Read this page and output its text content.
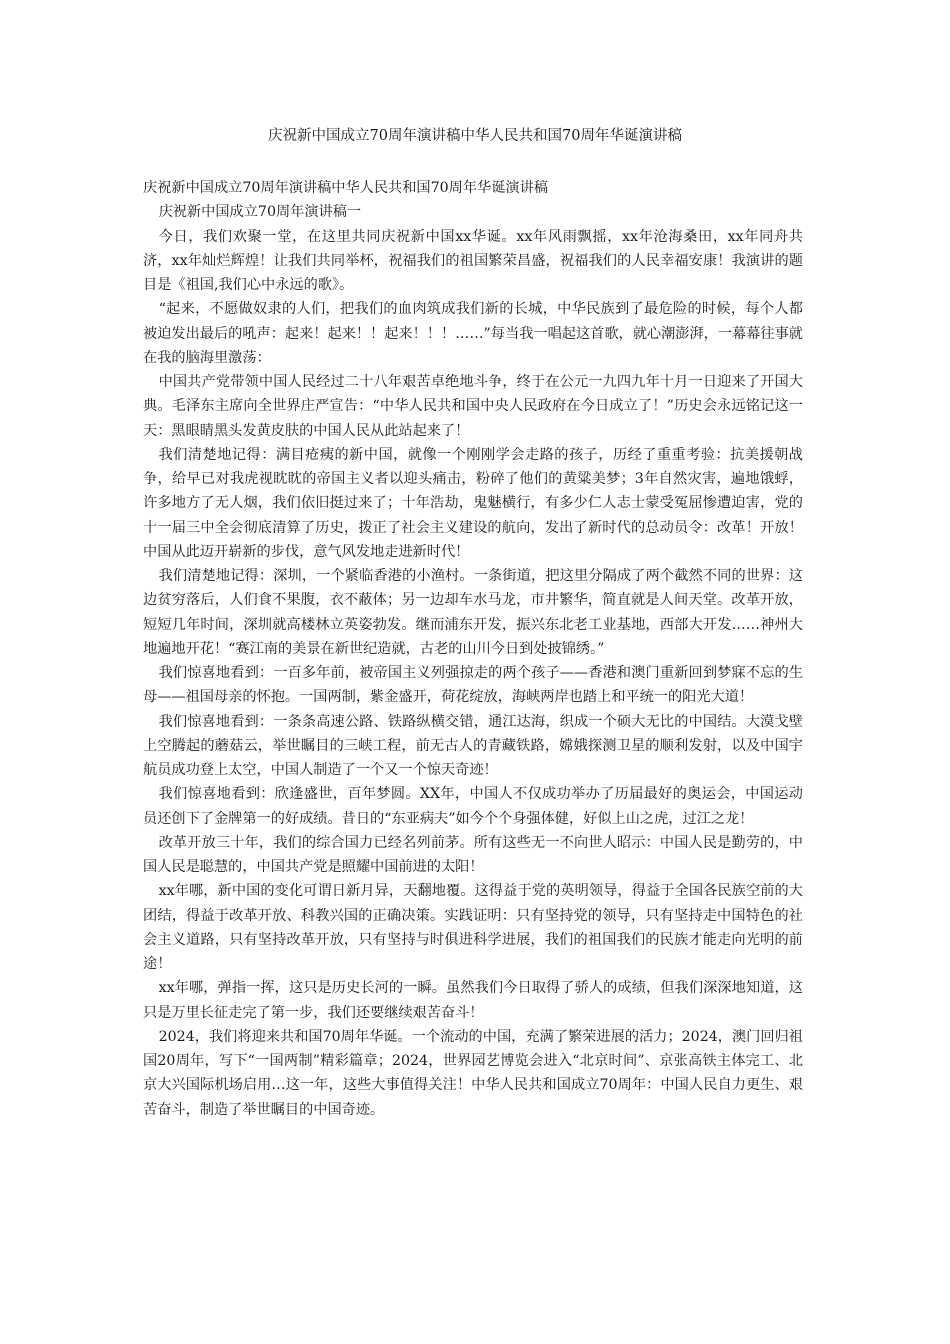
庆祝新中国成立70周年演讲稿中华人民共和国70周年华诞演讲稿

庆祝新中国成立70周年演讲稿中华人民共和国70周年华诞演讲稿

庆祝新中国成立70周年演讲稿一

今日，我们欢聚一堂，在这里共同庆祝新中国xx华诞。xx年风雨飘摇，xx年沧海桑田，xx年同舟共济，xx年灿烂辉煌！让我们共同举杯，祝福我们的祖国繁荣昌盛，祝福我们的人民幸福安康！我演讲的题目是《祖国,我们心中永远的歌》。

“起来，不愿做奴隶的人们，把我们的血肉筑成我们新的长城，中华民族到了最危险的时候，每个人都被迫发出最后的吼声：起来！起来！！起来！！！……”每当我一唱起这首歌，就心潮澎湃，一幕幕往事就在我的脑海里激荡：

中国共产党带领中国人民经过二十八年艰苦卓绝地斗争，终于在公元一九四九年十月一日迎来了开国大典。毛泽东主席向全世界庄严宣告：“中华人民共和国中央人民政府在今日成立了！”历史会永远铭记这一天：黑眼睛黑头发黄皮肤的中国人民从此站起来了！

我们清楚地记得：满目疮痍的新中国，就像一个刚刚学会走路的孩子，历经了重重考验：抗美援朝战争，给早已对我虎视眈眈的帝国主义者以迎头痛击，粉碎了他们的黄粱美梦；3年自然灾害，遍地饿蜉，许多地方了无人烟，我们依旧挺过来了；十年浩劫，鬼魅横行，有多少仁人志士蒙受冤屈惨遭迫害，党的十一届三中全会彻底清算了历史，拨正了社会主义建设的航向，发出了新时代的总动员令：改革！开放！中国从此迈开崭新的步伐，意气风发地走进新时代！

我们清楚地记得：深圳，一个紧临香港的小渔村。一条街道，把这里分隔成了两个截然不同的世界：这边贫穷落后，人们食不果腹，衣不蔽体；另一边却车水马龙，市井繁华，简直就是人间天堂。改革开放，短短几年时间，深圳就高楼林立英姿勃发。继而浦东开发，振兴东北老工业基地，西部大开发……神州大地遍地开花！“赛江南的美景在新世纪造就，古老的山川今日到处披锦绣。”

我们惊喜地看到：一百多年前，被帝国主义列强掠走的两个孩子——香港和澳门重新回到梦寐不忘的生母——祖国母亲的怀抱。一国两制，紫金盛开，荷花绽放，海峡两岸也踏上和平统一的阳光大道！

我们惊喜地看到：一条条高速公路、铁路纵横交错，通江达海，织成一个硕大无比的中国结。大漠戈壁上空腾起的蘑菇云，举世瞩目的三峡工程，前无古人的青藏铁路，嫦娥探测卫星的顺利发射，以及中国宇航员成功登上太空，中国人制造了一个又一个惊天奇迹！

我们惊喜地看到：欣逢盛世，百年梦圆。XX年，中国人不仅成功举办了历届最好的奥运会，中国运动员还创下了金牌第一的好成绩。昔日的“东亚病夫”如今个个身强体健，好似上山之虎，过江之龙！

改革开放三十年，我们的综合国力已经名列前茅。所有这些无一不向世人昭示：中国人民是勤劳的，中国人民是聪慧的，中国共产党是照耀中国前进的太阳！

xx年哪，新中国的变化可谓日新月异，天翻地覆。这得益于党的英明领导，得益于全国各民族空前的大团结，得益于改革开放、科教兴国的正确决策。实践证明：只有坚持党的领导，只有坚持走中国特色的社会主义道路，只有坚持改革开放，只有坚持与时俱进科学进展，我们的祖国我们的民族才能走向光明的前途！

xx年哪，弹指一挥，这只是历史长河的一瞬。虽然我们今日取得了骄人的成绩，但我们深深地知道，这只是万里长征走完了第一步，我们还要继续艰苦奋斗！

2024，我们将迎来共和国70周年华诞。一个流动的中国，充满了繁荣进展的活力；2024，澳门回归祖国20周年，写下“一国两制”精彩篇章；2024，世界园艺博览会进入“北京时间”、京张高铁主体完工、北京大兴国际机场启用…这一年，这些大事值得关注！中华人民共和国成立70周年：中国人民自力更生、艰苦奋斗，制造了举世瞩目的中国奇迹。
